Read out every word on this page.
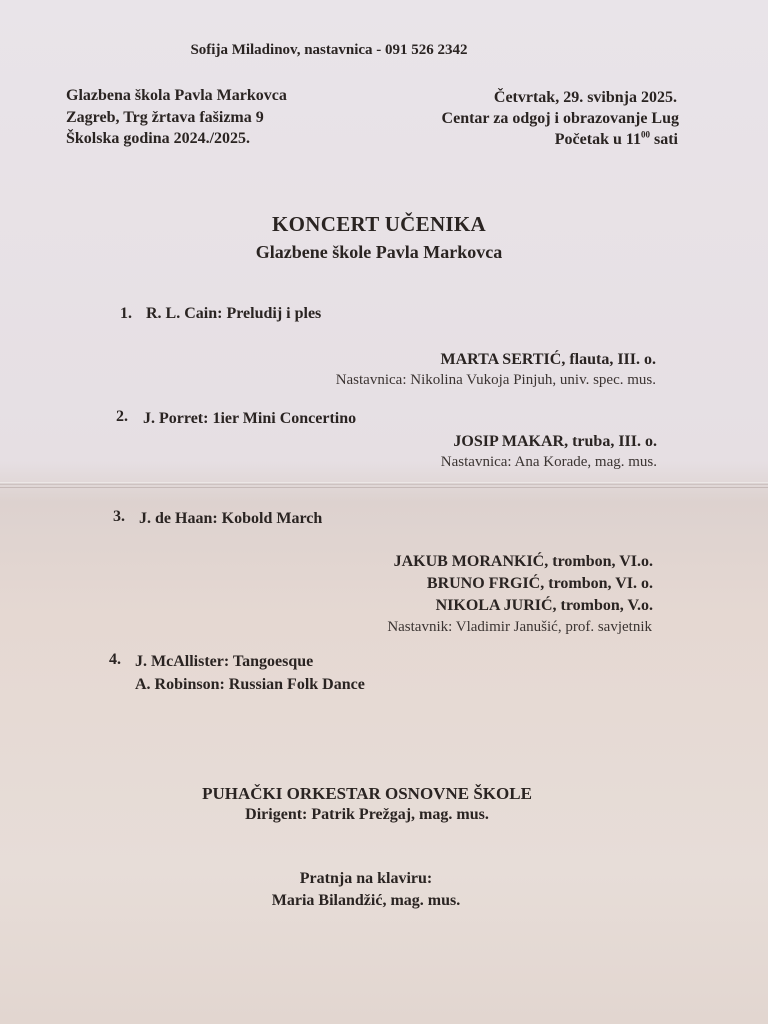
Sofija Miladinov, nastavnica - 091 526 2342
Glazbena škola Pavla Markovca
Zagreb, Trg žrtava fašizma 9
Školska godina 2024./2025.
Četvrtak, 29. svibnja 2025.
Centar za odgoj i obrazovanje Lug
Početak u $11^{00}$ sati
KONCERT UČENIKA
Glazbene škole Pavla Markovca
1. R. L. Cain: Preludij i ples
MARTA SERTIĆ, flauta, III. o.
Nastavnica: Nikolina Vukoja Pinjuh, univ. spec. mus.
2. J. Porret: 1ier Mini Concertino
JOSIP MAKAR, truba, III. o.
Nastavnica: Ana Korade, mag. mus.
3. J. de Haan: Kobold March
JAKUB MORANKIĆ, trombon, VI.o.
BRUNO FRGIĆ, trombon, VI. o.
NIKOLA JURIĆ, trombon, V.o.
Nastavnik: Vladimir Janušić, prof. savjetnik
4. J. McAllister: Tangoesque
A. Robinson: Russian Folk Dance
PUHAČKI ORKESTAR OSNOVNE ŠKOLE
Dirigent: Patrik Prežgaj, mag. mus.
Pratnja na klaviru:
Maria Bilandžić, mag. mus.
